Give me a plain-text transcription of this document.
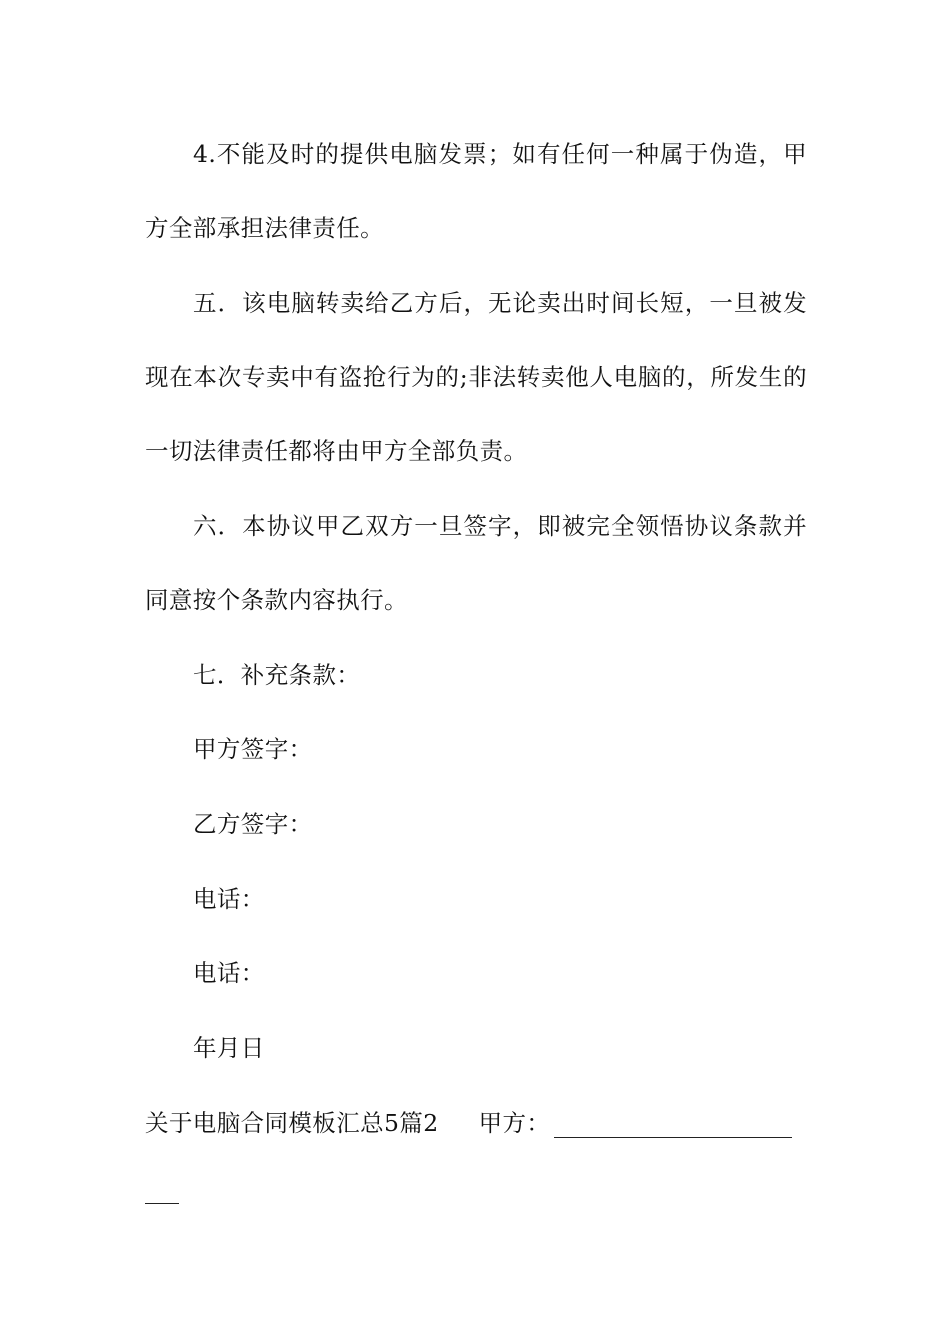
4.不能及时的提供电脑发票；如有任何一种属于伪造，甲
方全部承担法律责任。
五．该电脑转卖给乙方后，无论卖出时间长短，一旦被发
现在本次专卖中有盗抢行为的;非法转卖他人电脑的，所发生的
一切法律责任都将由甲方全部负责。
六．本协议甲乙双方一旦签字，即被完全领悟协议条款并
同意按个条款内容执行。
七．补充条款：
甲方签字：
乙方签字：
电话：
电话：
年月日
关于电脑合同模板汇总5篇2 甲方：
